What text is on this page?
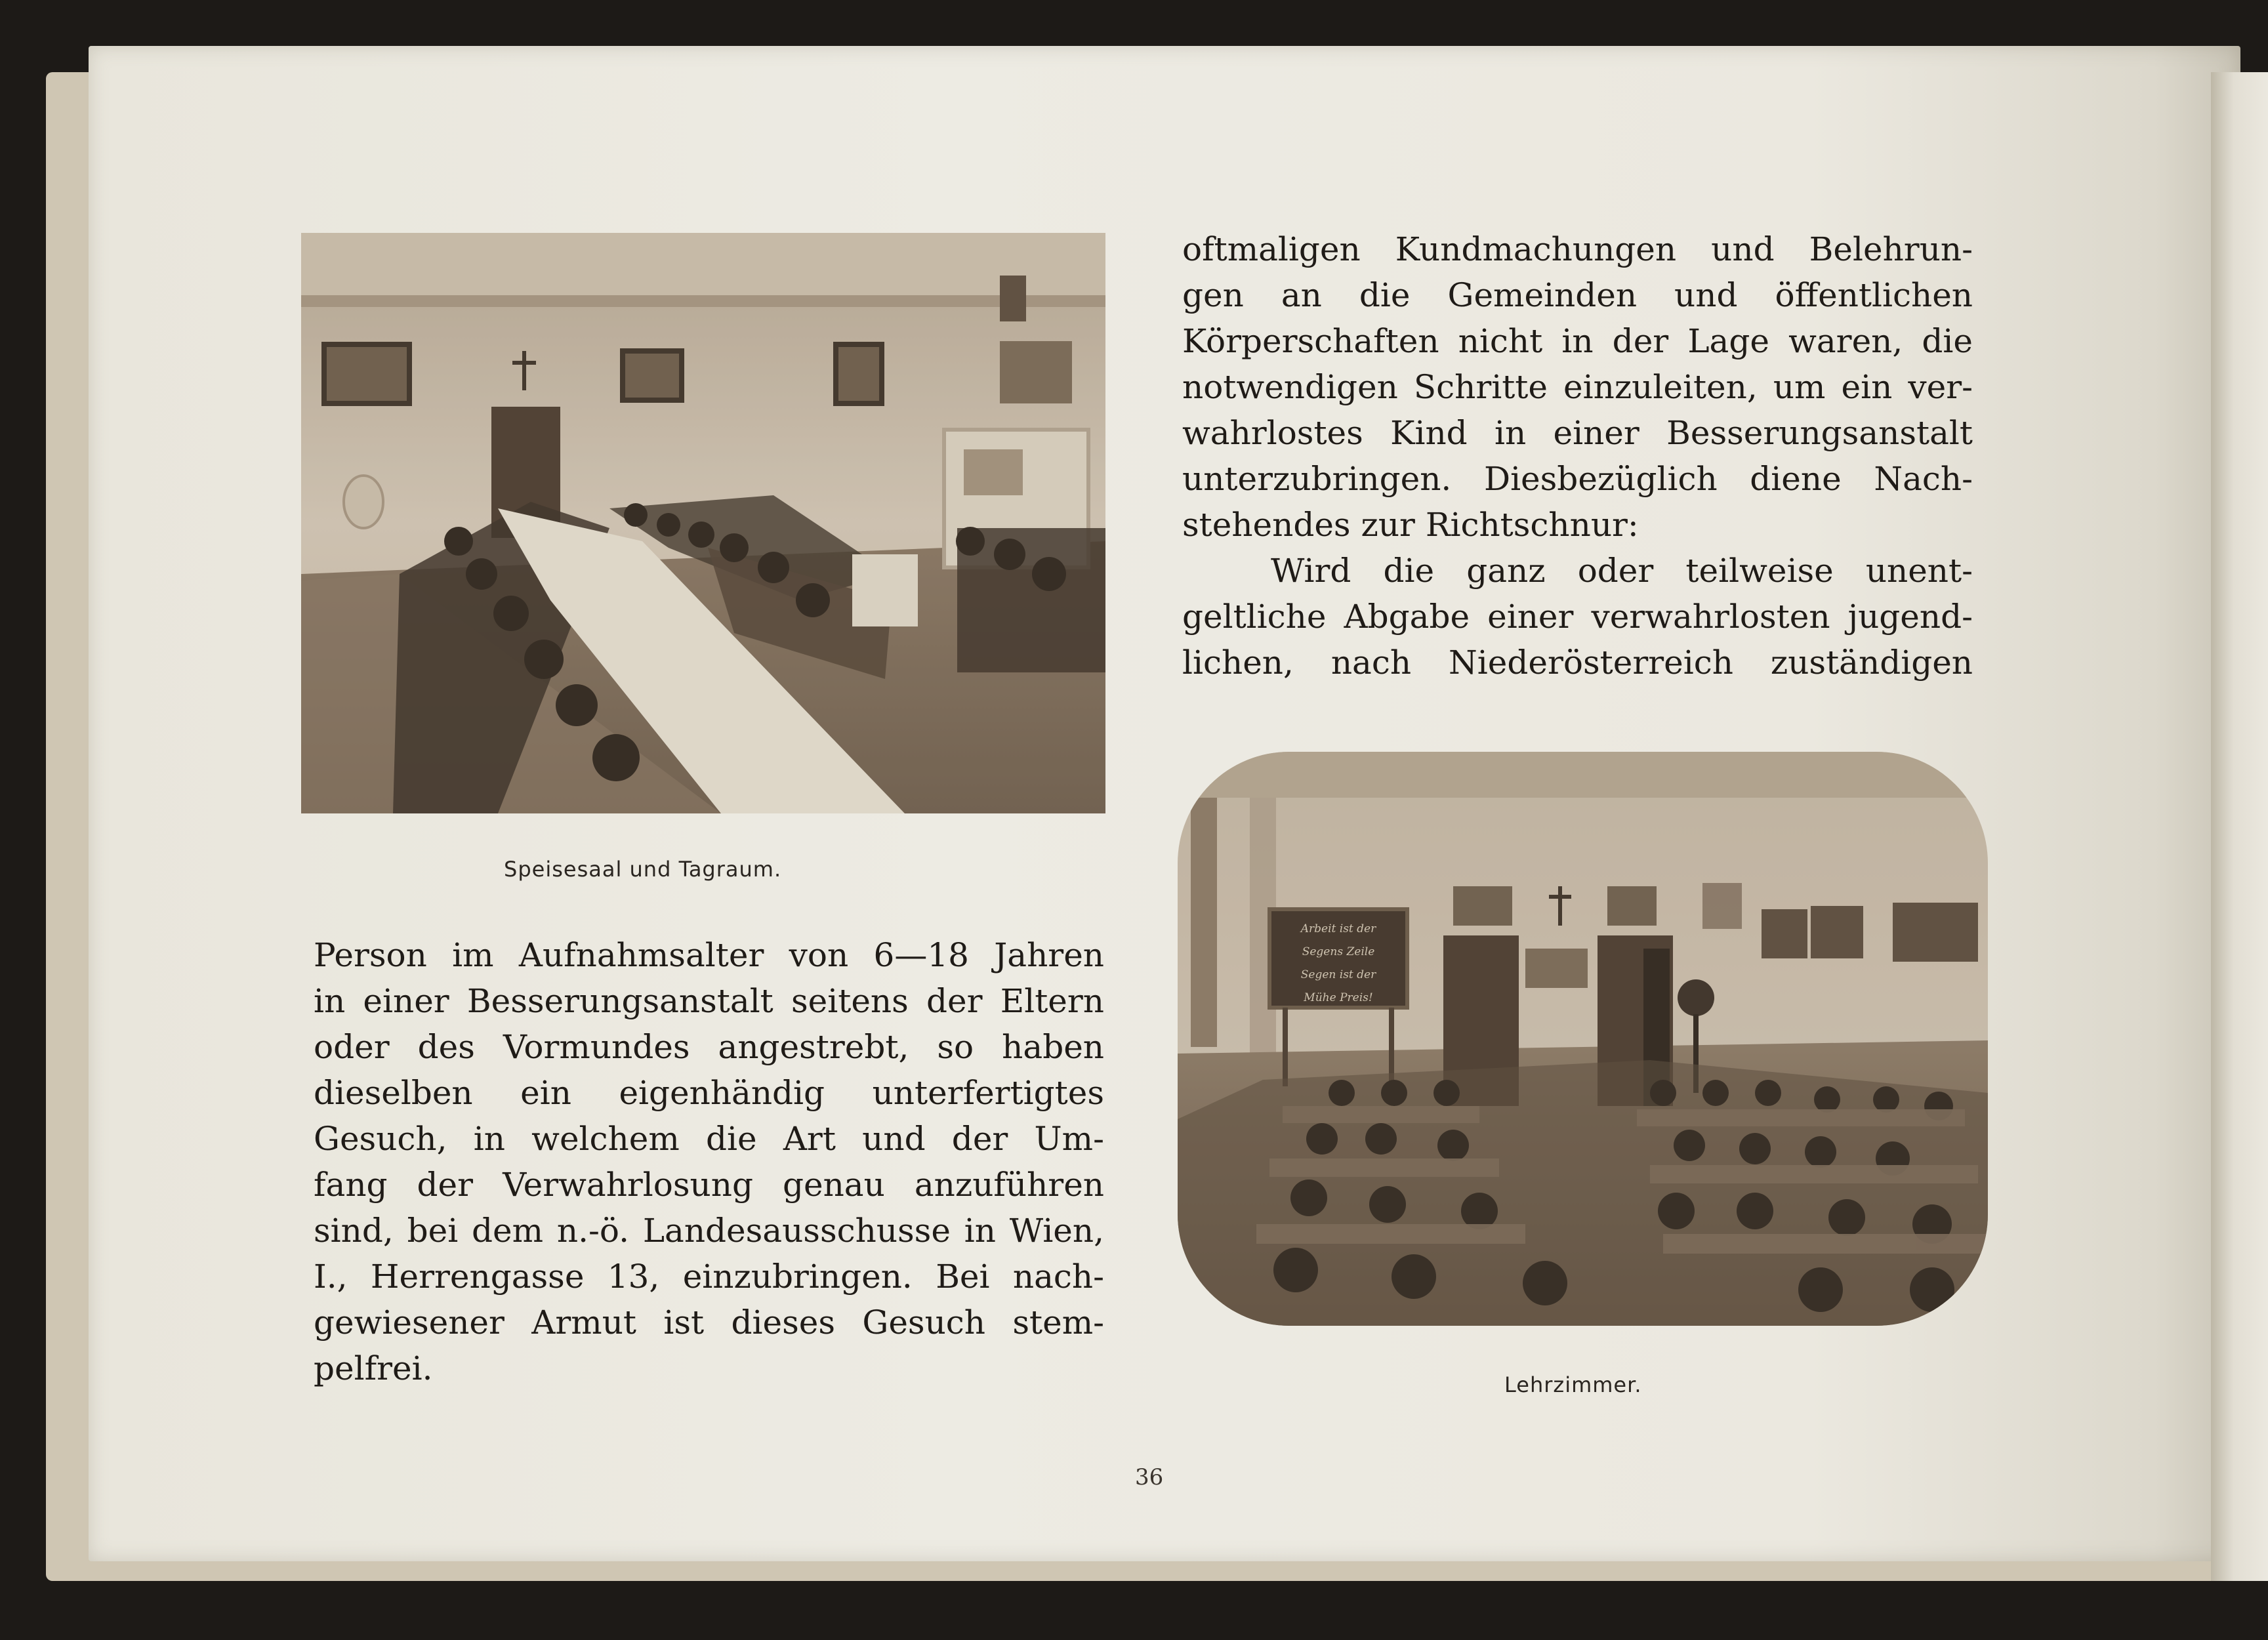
Speisesaal und Tagraum.
oftmaligen Kundmachungen und Belehrun-
gen an die Gemeinden und öffentlichen
Körperschaften nicht in der Lage waren, die
notwendigen Schritte einzuleiten, um ein ver-
wahrlostes Kind in einer Besserungsanstalt
unterzubringen. Diesbezüglich diene Nach-
stehendes zur Richtschnur:
Wird die ganz oder teilweise unent-
geltliche Abgabe einer verwahrlosten jugend-
lichen, nach Niederösterreich zuständigen
Arbeit ist der
Segens Zeile
Segen ist der
Mühe Preis!
Lehrzimmer.
Person im Aufnahmsalter von 6—18 Jahren
in einer Besserungsanstalt seitens der Eltern
oder des Vormundes angestrebt, so haben
dieselben ein eigenhändig unterfertigtes
Gesuch, in welchem die Art und der Um-
fang der Verwahrlosung genau anzuführen
sind, bei dem n.-ö. Landesausschusse in Wien,
I., Herrengasse 13, einzubringen. Bei nach-
gewiesener Armut ist dieses Gesuch stem-
pelfrei.
36
